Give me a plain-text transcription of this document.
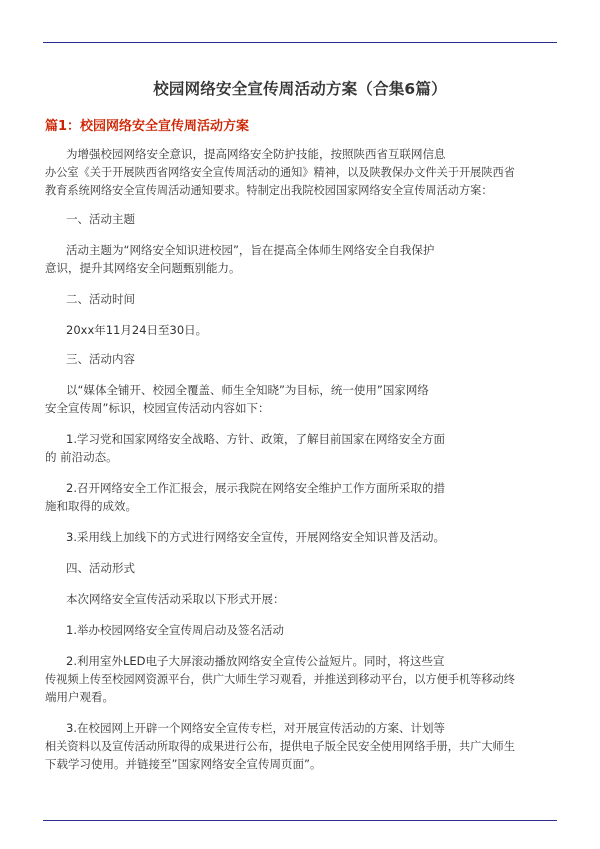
校园网络安全宣传周活动方案（合集6篇）
篇1：校园网络安全宣传周活动方案

为增强校园网络安全意识，提高网络安全防护技能，按照陕西省互联网信息

办公室《关于开展陕西省网络安全宣传周活动的通知》精神，以及陕教保办文件关于开展陕西省

教育系统网络安全宣传周活动通知要求。特制定出我院校园国家网络安全宣传周活动方案：

一、活动主题

活动主题为“网络安全知识进校园”，旨在提高全体师生网络安全自我保护

意识，提升其网络安全问题甄别能力。

二、活动时间

20xx年11月24日至30日。

三、活动内容

以“媒体全铺开、校园全覆盖、师生全知晓”为目标，统一使用”国家网络

安全宣传周”标识，校园宣传活动内容如下：

1.学习党和国家网络安全战略、方针、政策，了解目前国家在网络安全方面

的 前沿动态。

2.召开网络安全工作汇报会，展示我院在网络安全维护工作方面所采取的措

施和取得的成效。

3.采用线上加线下的方式进行网络安全宣传，开展网络安全知识普及活动。

四、活动形式

本次网络安全宣传活动采取以下形式开展：

1.举办校园网络安全宣传周启动及签名活动

2.利用室外LED电子大屏滚动播放网络安全宣传公益短片。同时，将这些宣

传视频上传至校园网资源平台，供广大师生学习观看，并推送到移动平台，以方便手机等移动终

端用户观看。

3.在校园网上开辟一个网络安全宣传专栏，对开展宣传活动的方案、计划等

相关资料以及宣传活动所取得的成果进行公布，提供电子版全民安全使用网络手册，共广大师生

下载学习使用。并链接至”国家网络安全宣传周页面”。
